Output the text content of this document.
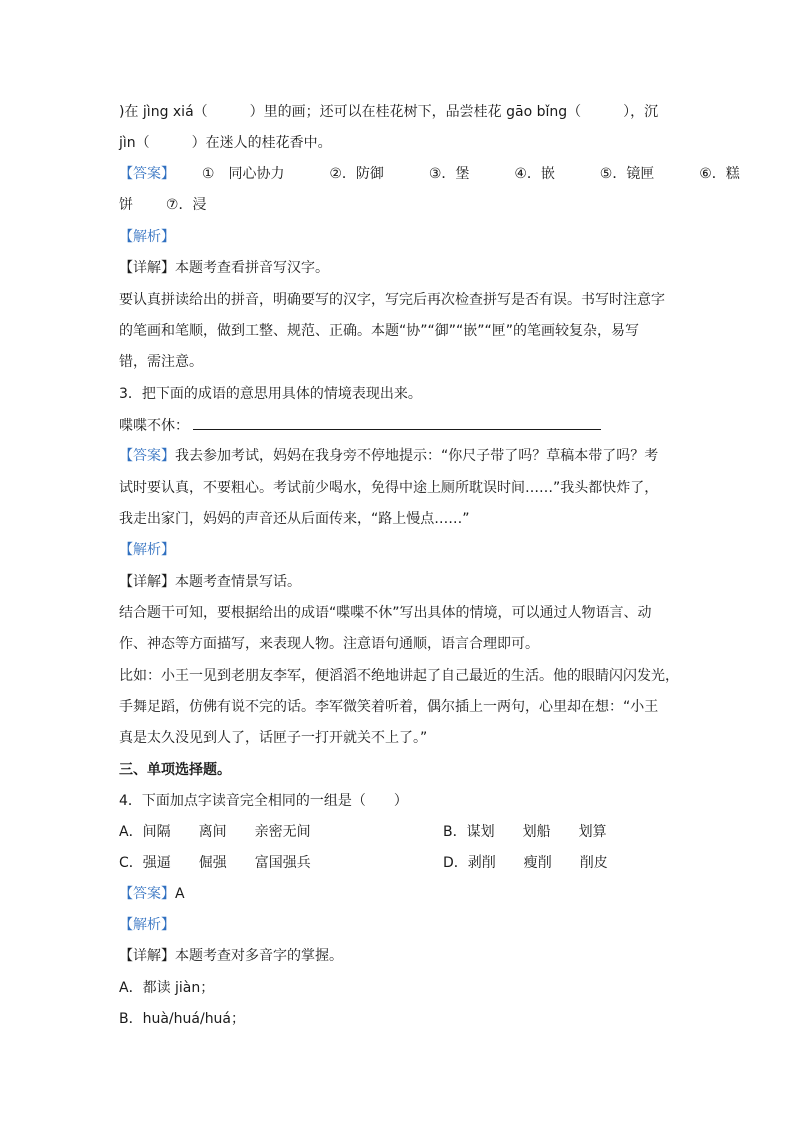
)在 jìng xiá（　　　）里的画；还可以在桂花树下，品尝桂花 gāo bǐng（　　　），沉
jìn（　　　）在迷人的桂花香中。
【答案】 ①　同心协力	②．防御	③．堡	④．嵌	⑤．镜匣	⑥．糕
饼 ⑦．浸
【解析】
【详解】本题考查看拼音写汉字。
要认真拼读给出的拼音，明确要写的汉字，写完后再次检查拼写是否有误。书写时注意字
的笔画和笔顺，做到工整、规范、正确。本题“协”“御”“嵌”“匣”的笔画较复杂，易写
错，需注意。
3．把下面的成语的意思用具体的情境表现出来。
喋喋不休：
【答案】我去参加考试，妈妈在我身旁不停地提示：“你尺子带了吗？草稿本带了吗？考
试时要认真，不要粗心。考试前少喝水，免得中途上厕所耽误时间……”我头都快炸了，
我走出家门，妈妈的声音还从后面传来，“路上慢点……”
【解析】
【详解】本题考查情景写话。
结合题干可知，要根据给出的成语“喋喋不休”写出具体的情境，可以通过人物语言、动
作、神态等方面描写，来表现人物。注意语句通顺，语言合理即可。
比如：小王一见到老朋友李军，便滔滔不绝地讲起了自己最近的生活。他的眼睛闪闪发光，
手舞足蹈，仿佛有说不完的话。李军微笑着听着，偶尔插上一两句，心里却在想：“小王
真是太久没见到人了，话匣子一打开就关不上了。”
三、单项选择题。
4．下面加点字读音完全相同的一组是（　　）
A．间隔　　离间　　亲密无间	B．谋划　　划船　　划算
C．强逼　　倔强　　富国强兵	D．剥削　　瘦削　　削皮
【答案】A
【解析】
【详解】本题考查对多音字的掌握。
A．都读 jiàn；
B．huà/huá/huá；
